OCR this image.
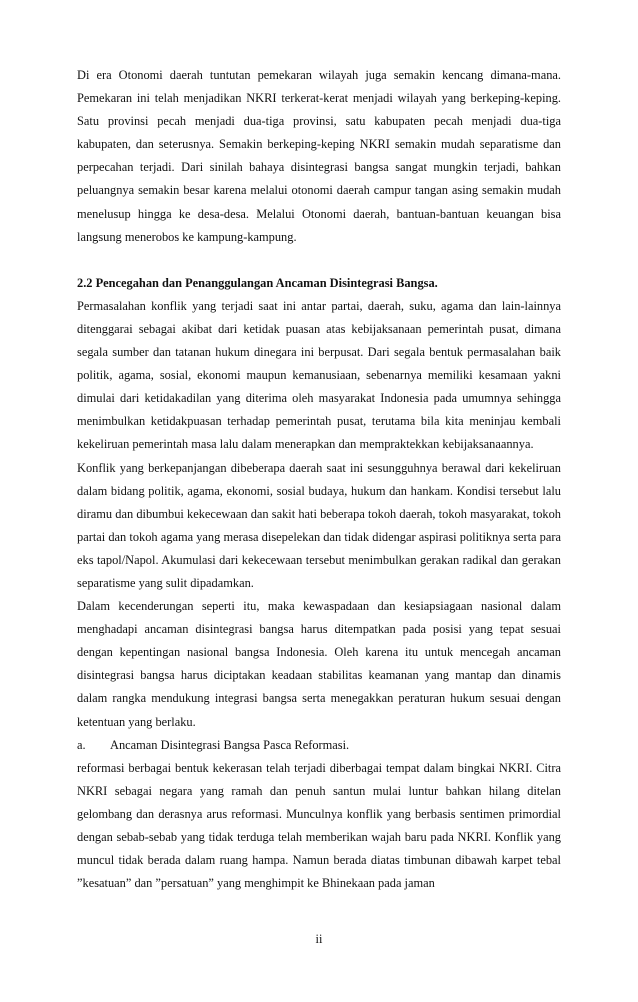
Di era Otonomi daerah tuntutan pemekaran wilayah juga semakin kencang dimana-mana. Pemekaran ini telah menjadikan NKRI terkerat-kerat menjadi wilayah yang berkeping-keping. Satu provinsi pecah menjadi dua-tiga provinsi, satu kabupaten pecah menjadi dua-tiga kabupaten, dan seterusnya. Semakin berkeping-keping NKRI semakin mudah separatisme dan perpecahan terjadi. Dari sinilah bahaya disintegrasi bangsa sangat mungkin terjadi, bahkan peluangnya semakin besar karena melalui otonomi daerah campur tangan asing semakin mudah menelusup hingga ke desa-desa. Melalui Otonomi daerah, bantuan-bantuan keuangan bisa langsung menerobos ke kampung-kampung.

2.2 Pencegahan dan Penanggulangan Ancaman Disintegrasi Bangsa.

Permasalahan konflik yang terjadi saat ini antar partai, daerah, suku, agama dan lain-lainnya ditenggarai sebagai akibat dari ketidak puasan atas kebijaksanaan pemerintah pusat, dimana segala sumber dan tatanan hukum dinegara ini berpusat. Dari segala bentuk permasalahan baik politik, agama, sosial, ekonomi maupun kemanusiaan, sebenarnya memiliki kesamaan yakni dimulai dari ketidakadilan yang diterima oleh masyarakat Indonesia pada umumnya sehingga menimbulkan ketidakpuasan terhadap pemerintah pusat, terutama bila kita meninjau kembali kekeliruan pemerintah masa lalu dalam menerapkan dan mempraktekkan kebijaksanaannya.

Konflik yang berkepanjangan dibeberapa daerah saat ini sesungguhnya berawal dari kekeliruan dalam bidang politik, agama, ekonomi, sosial budaya, hukum dan hankam. Kondisi tersebut lalu diramu dan dibumbui kekecewaan dan sakit hati beberapa tokoh daerah, tokoh masyarakat, tokoh partai dan tokoh agama yang merasa disepelekan dan tidak didengar aspirasi politiknya serta para eks tapol/Napol. Akumulasi dari kekecewaan tersebut menimbulkan gerakan radikal dan gerakan separatisme yang sulit dipadamkan.

Dalam kecenderungan seperti itu, maka kewaspadaan dan kesiapsiagaan nasional dalam menghadapi ancaman disintegrasi bangsa harus ditempatkan pada posisi yang tepat sesuai dengan kepentingan nasional bangsa Indonesia. Oleh karena itu untuk mencegah ancaman disintegrasi bangsa harus diciptakan keadaan stabilitas keamanan yang mantap dan dinamis dalam rangka mendukung integrasi bangsa serta menegakkan peraturan hukum sesuai dengan ketentuan yang berlaku.

a. Ancaman Disintegrasi Bangsa Pasca Reformasi.

reformasi berbagai bentuk kekerasan telah terjadi diberbagai tempat dalam bingkai NKRI. Citra NKRI sebagai negara yang ramah dan penuh santun mulai luntur bahkan hilang ditelan gelombang dan derasnya arus reformasi. Munculnya konflik yang berbasis sentimen primordial dengan sebab-sebab yang tidak terduga telah memberikan wajah baru pada NKRI. Konflik yang muncul tidak berada dalam ruang hampa. Namun berada diatas timbunan dibawah karpet tebal ”kesatuan” dan ”persatuan” yang menghimpit ke Bhinekaan pada jaman

ii
